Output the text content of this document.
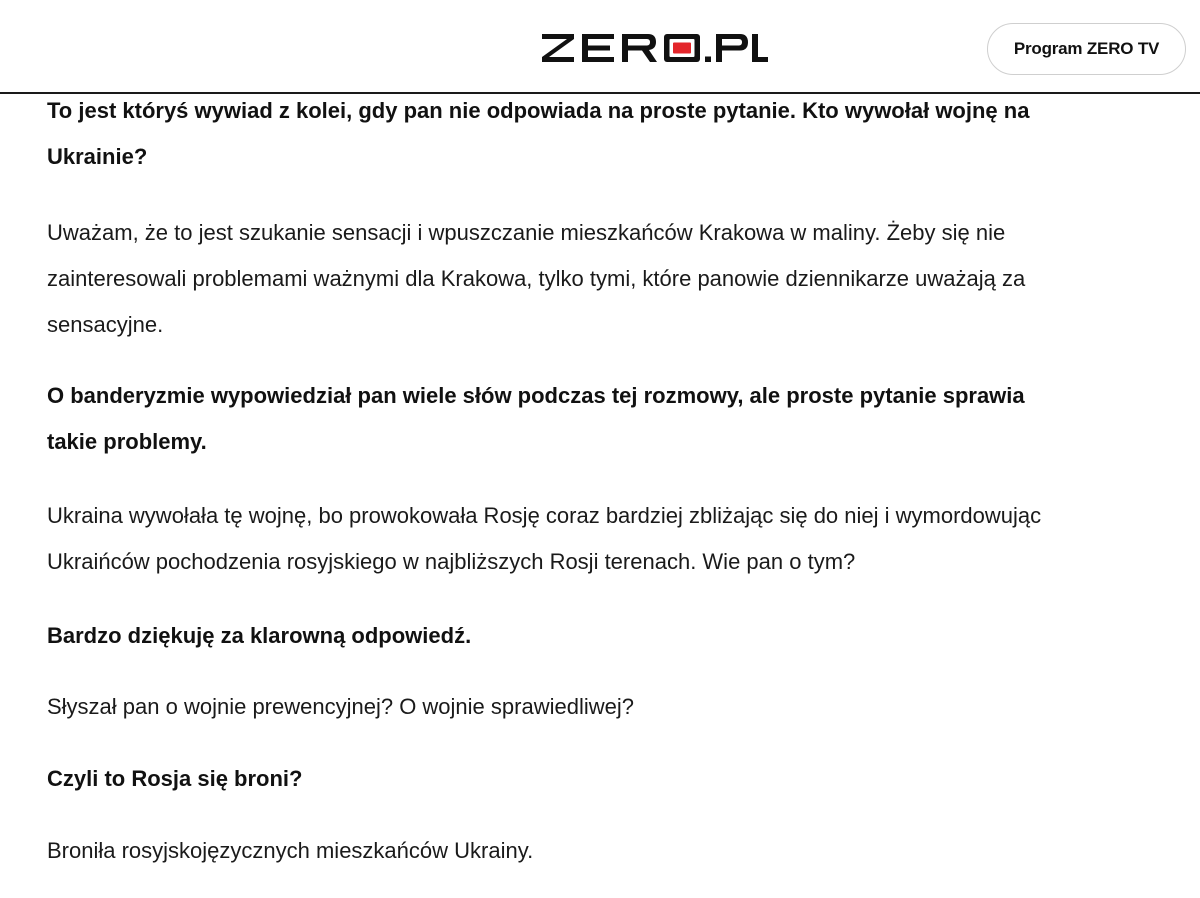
Program ZERO TV

To jest któryś wywiad z kolei, gdy pan nie odpowiada na proste pytanie. Kto wywołał wojnę na
Ukrainie?

Uważam, że to jest szukanie sensacji i wpuszczanie mieszkańców Krakowa w maliny. Żeby się nie
zainteresowali problemami ważnymi dla Krakowa, tylko tymi, które panowie dziennikarze uważają za
sensacyjne.

O banderyzmie wypowiedział pan wiele słów podczas tej rozmowy, ale proste pytanie sprawia
takie problemy.

Ukraina wywołała tę wojnę, bo prowokowała Rosję coraz bardziej zbliżając się do niej i wymordowując
Ukraińców pochodzenia rosyjskiego w najbliższych Rosji terenach. Wie pan o tym?

Bardzo dziękuję za klarowną odpowiedź.

Słyszał pan o wojnie prewencyjnej? O wojnie sprawiedliwej?

Czyli to Rosja się broni?

Broniła rosyjskojęzycznych mieszkańców Ukrainy.
